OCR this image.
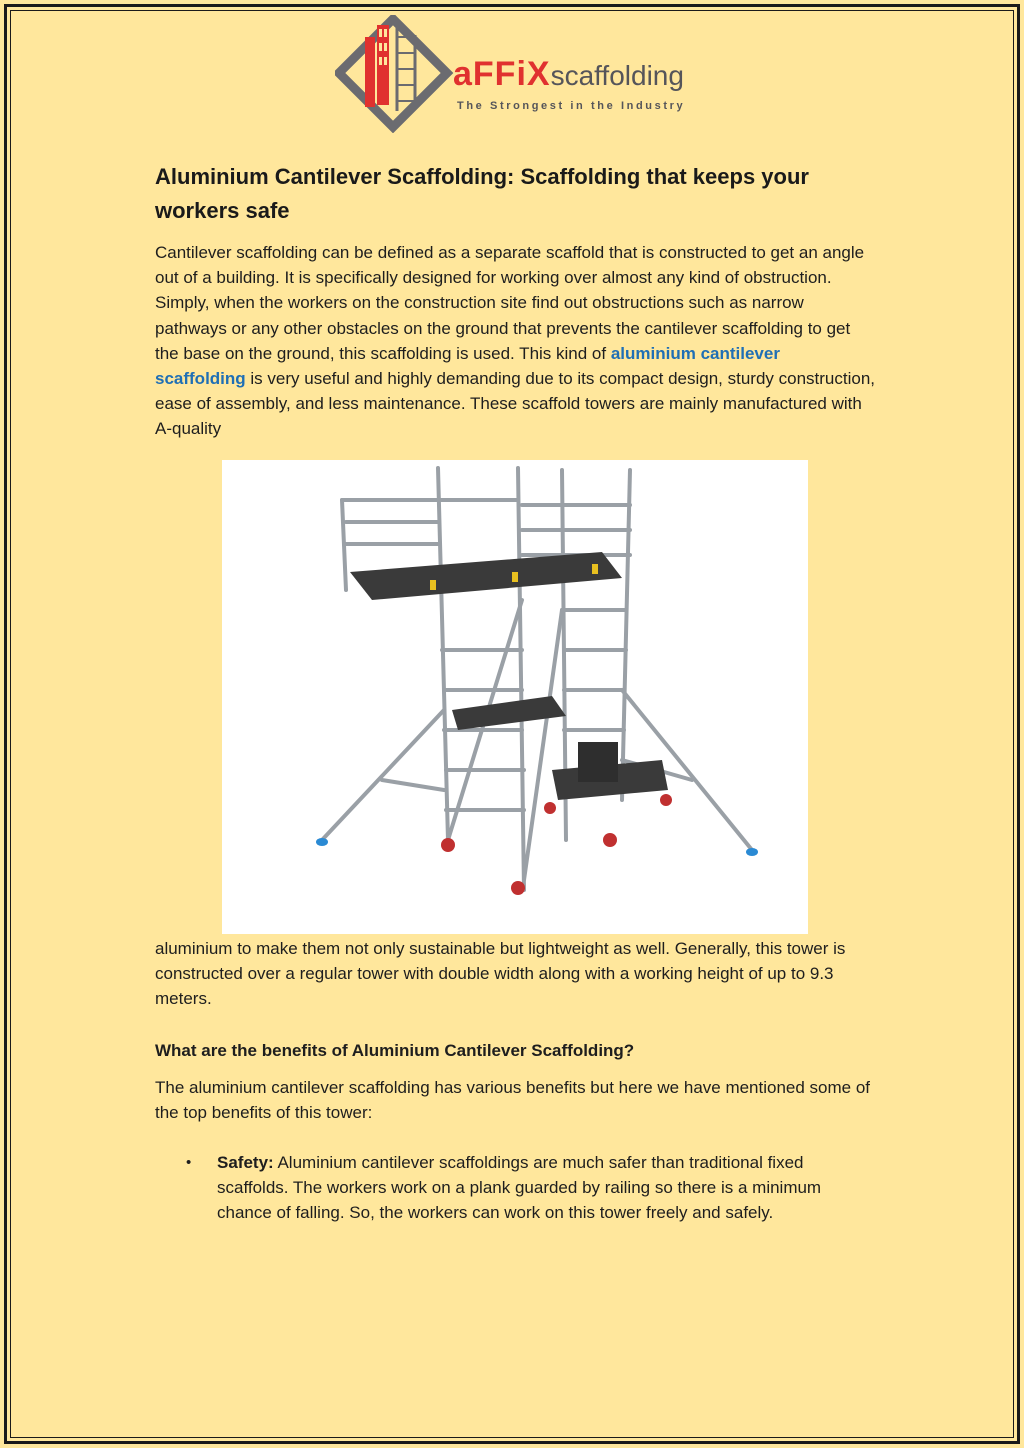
aFFiXscaffolding
The Strongest in the Industry
Aluminium Cantilever Scaffolding: Scaffolding that keeps your workers safe

Cantilever scaffolding can be defined as a separate scaffold that is constructed to get an angle out of a building. It is specifically designed for working over almost any kind of obstruction. Simply, when the workers on the construction site find out obstructions such as narrow pathways or any other obstacles on the ground that prevents the cantilever scaffolding to get the base on the ground, this scaffolding is used. This kind of aluminium cantilever scaffolding is very useful and highly demanding due to its compact design, sturdy construction, ease of assembly, and less maintenance. These scaffold towers are mainly manufactured with A-quality

aluminium to make them not only sustainable but lightweight as well. Generally, this tower is constructed over a regular tower with double width along with a working height of up to 9.3 meters.

What are the benefits of Aluminium Cantilever Scaffolding?

The aluminium cantilever scaffolding has various benefits but here we have mentioned some of the top benefits of this tower:

• Safety: Aluminium cantilever scaffoldings are much safer than traditional fixed scaffolds. The workers work on a plank guarded by railing so there is a minimum chance of falling. So, the workers can work on this tower freely and safely.
